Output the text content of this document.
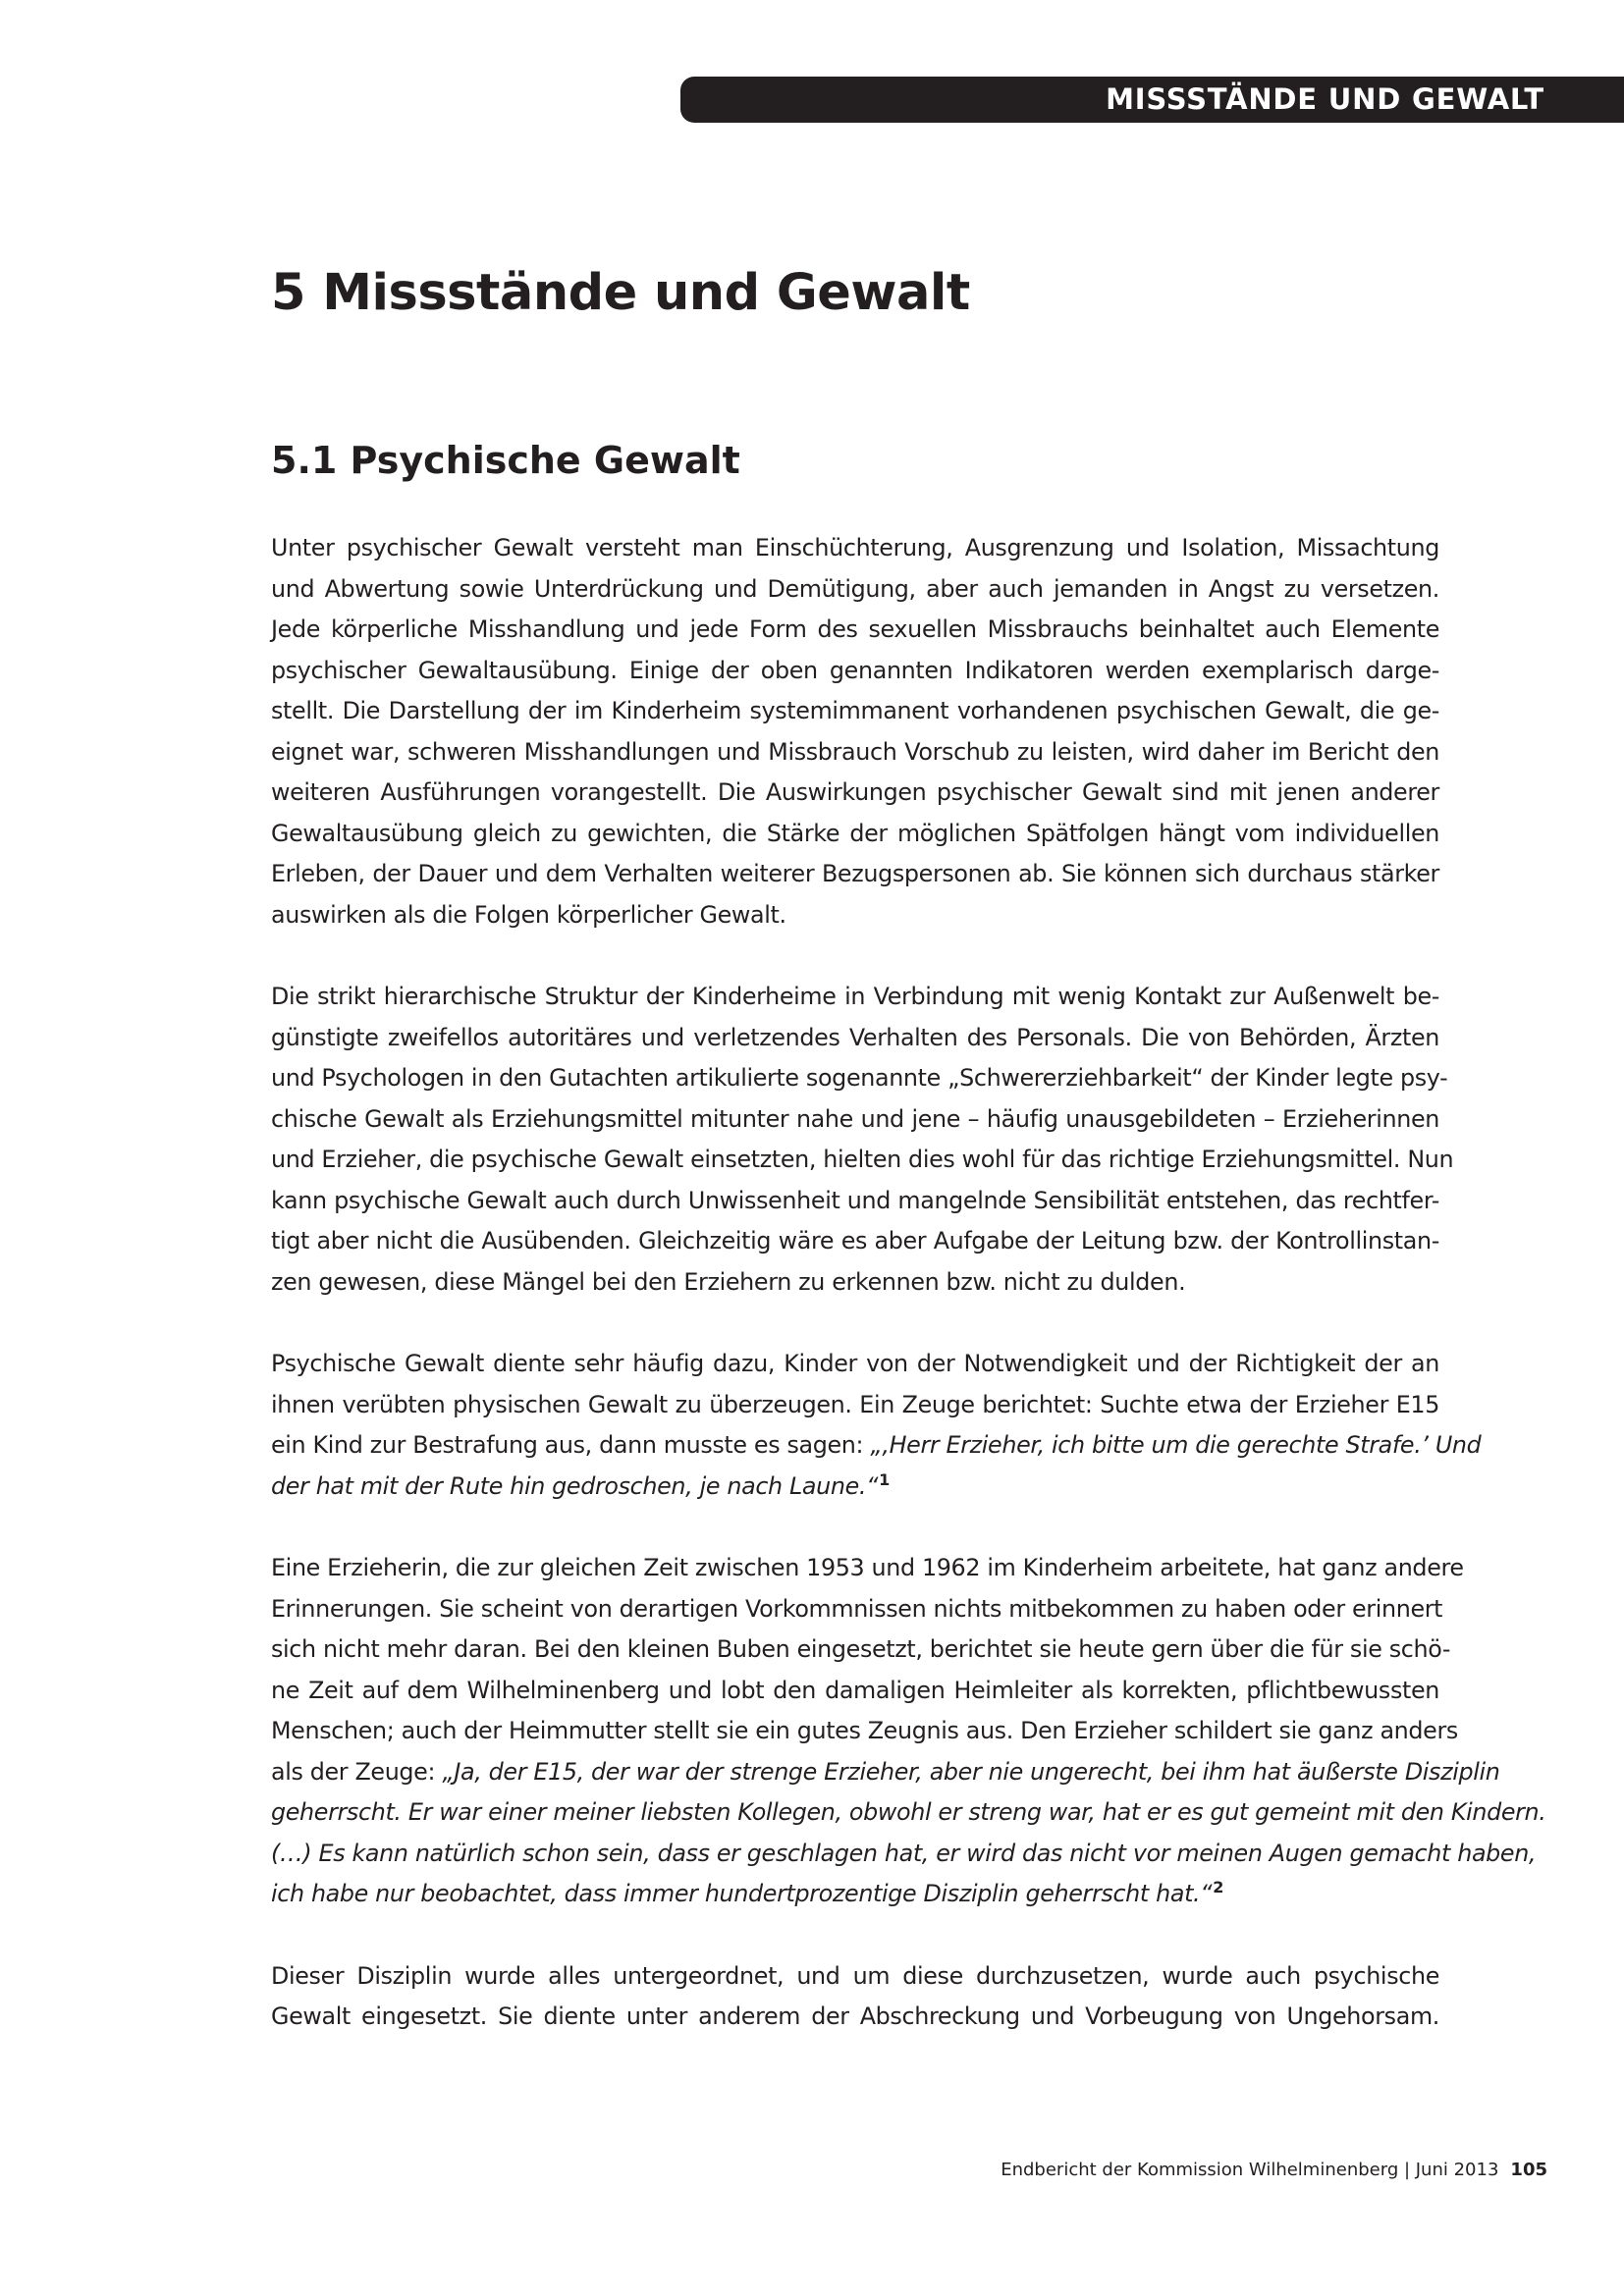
MISSSTÄNDE UND GEWALT
5 Missstände und Gewalt
5.1 Psychische Gewalt

Unter psychischer Gewalt versteht man Einschüchterung, Ausgrenzung und Isolation, Missachtung
und Abwertung sowie Unterdrückung und Demütigung, aber auch jemanden in Angst zu versetzen.
Jede körperliche Misshandlung und jede Form des sexuellen Missbrauchs beinhaltet auch Elemente
psychischer Gewaltausübung. Einige der oben genannten Indikatoren werden exemplarisch darge-
stellt. Die Darstellung der im Kinderheim systemimmanent vorhandenen psychischen Gewalt, die ge-
eignet war, schweren Misshandlungen und Missbrauch Vorschub zu leisten, wird daher im Bericht den
weiteren Ausführungen vorangestellt. Die Auswirkungen psychischer Gewalt sind mit jenen anderer
Gewaltausübung gleich zu gewichten, die Stärke der möglichen Spätfolgen hängt vom individuellen
Erleben, der Dauer und dem Verhalten weiterer Bezugspersonen ab. Sie können sich durchaus stärker
auswirken als die Folgen körperlicher Gewalt.

Die strikt hierarchische Struktur der Kinderheime in Verbindung mit wenig Kontakt zur Außenwelt be-
günstigte zweifellos autoritäres und verletzendes Verhalten des Personals. Die von Behörden, Ärzten
und Psychologen in den Gutachten artikulierte sogenannte „Schwererziehbarkeit“ der Kinder legte psy-
chische Gewalt als Erziehungsmittel mitunter nahe und jene – häufig unausgebildeten – Erzieherinnen
und Erzieher, die psychische Gewalt einsetzten, hielten dies wohl für das richtige Erziehungsmittel. Nun
kann psychische Gewalt auch durch Unwissenheit und mangelnde Sensibilität entstehen, das rechtfer-
tigt aber nicht die Ausübenden. Gleichzeitig wäre es aber Aufgabe der Leitung bzw. der Kontrollinstan-
zen gewesen, diese Mängel bei den Erziehern zu erkennen bzw. nicht zu dulden.

Psychische Gewalt diente sehr häufig dazu, Kinder von der Notwendigkeit und der Richtigkeit der an
ihnen verübten physischen Gewalt zu überzeugen. Ein Zeuge berichtet: Suchte etwa der Erzieher E15
ein Kind zur Bestrafung aus, dann musste es sagen: „‚Herr Erzieher, ich bitte um die gerechte Strafe.’ Und
der hat mit der Rute hin gedroschen, je nach Laune.“$^1$

Eine Erzieherin, die zur gleichen Zeit zwischen 1953 und 1962 im Kinderheim arbeitete, hat ganz andere
Erinnerungen. Sie scheint von derartigen Vorkommnissen nichts mitbekommen zu haben oder erinnert
sich nicht mehr daran. Bei den kleinen Buben eingesetzt, berichtet sie heute gern über die für sie schö-
ne Zeit auf dem Wilhelminenberg und lobt den damaligen Heimleiter als korrekten, pflichtbewussten
Menschen; auch der Heimmutter stellt sie ein gutes Zeugnis aus. Den Erzieher schildert sie ganz anders
als der Zeuge: „Ja, der E15, der war der strenge Erzieher, aber nie ungerecht, bei ihm hat äußerste Disziplin
geherrscht. Er war einer meiner liebsten Kollegen, obwohl er streng war, hat er es gut gemeint mit den Kindern.
(…) Es kann natürlich schon sein, dass er geschlagen hat, er wird das nicht vor meinen Augen gemacht haben,
ich habe nur beobachtet, dass immer hundertprozentige Disziplin geherrscht hat.“$^2$

Dieser Disziplin wurde alles untergeordnet, und um diese durchzusetzen, wurde auch psychische
Gewalt eingesetzt. Sie diente unter anderem der Abschreckung und Vorbeugung von Ungehorsam.

Endbericht der Kommission Wilhelminenberg | Juni 2013 105
